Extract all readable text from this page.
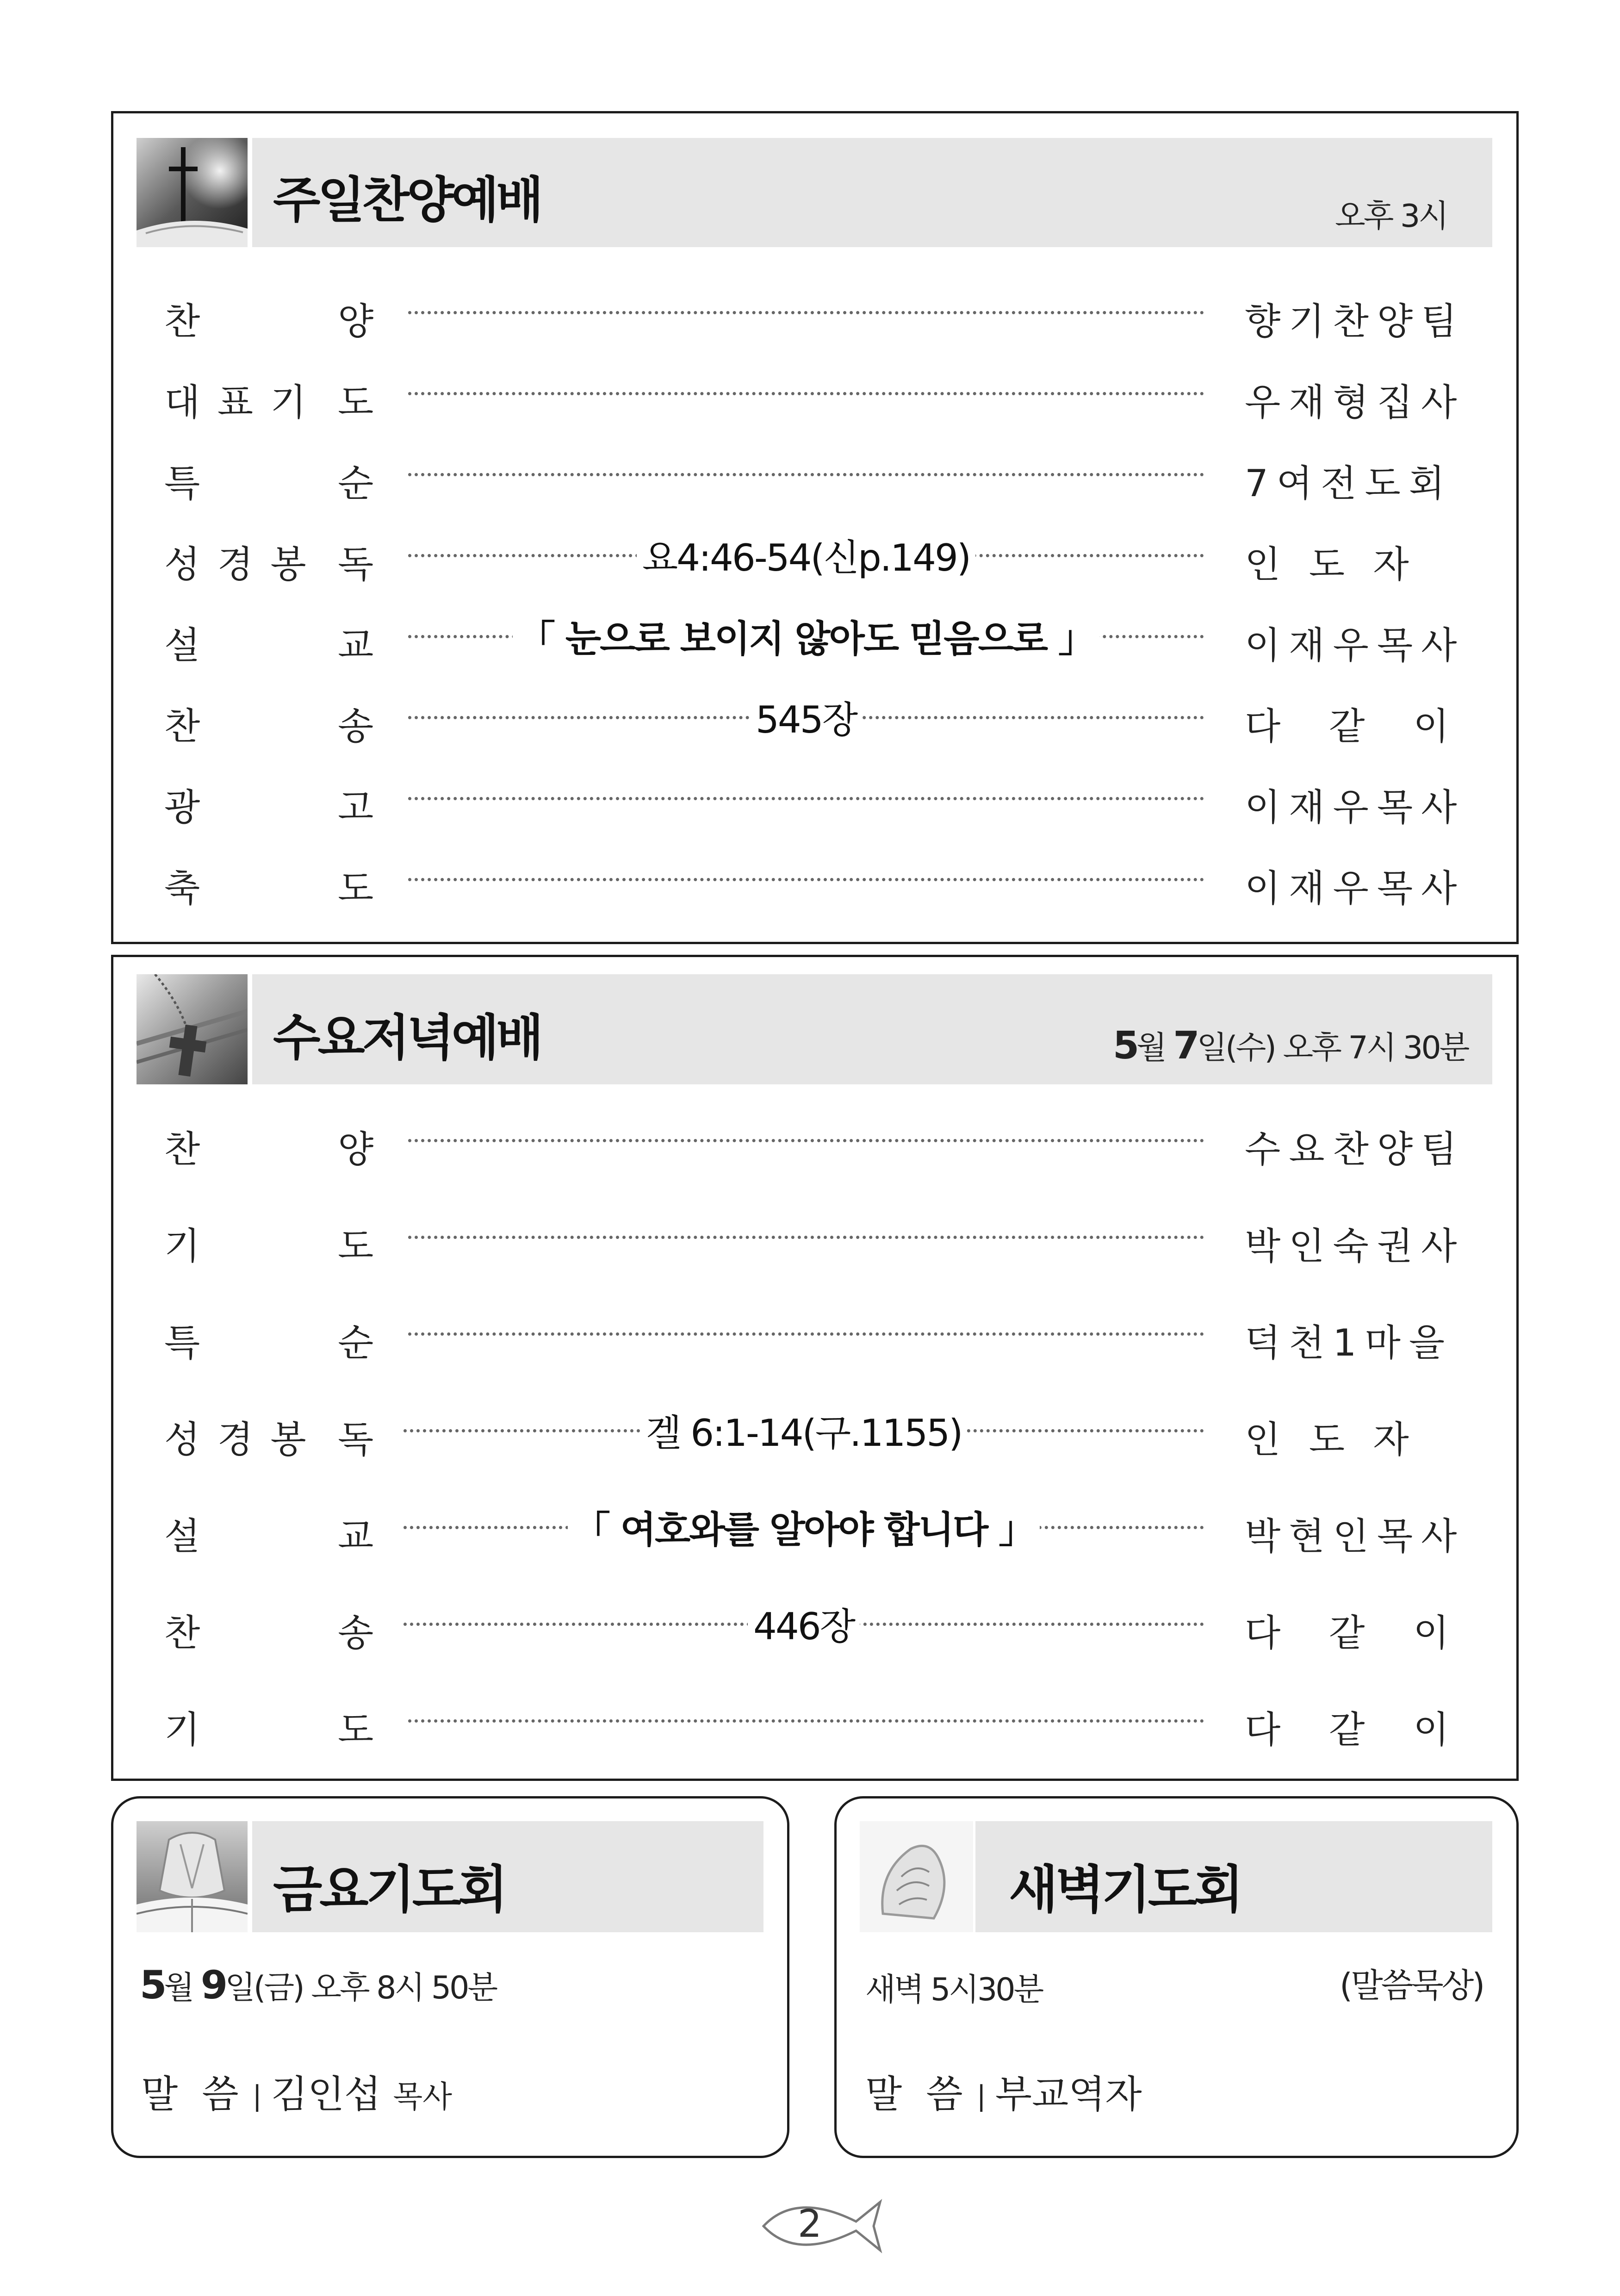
주일찬양예배	오후 3시
찬	양	향기찬양팀
대 표 기 도	우재형집사
특	순	7여전도회
성 경 봉 독	요4:46-54(신p.149)	인 도 자
설	교	「 눈으로 보이지 않아도 믿음으로 」	이재우목사
찬	송	545장	다  같  이
광	고	이재우목사
축	도	이재우목사
수요저녁예배	5월 7일(수) 오후 7시 30분
찬	양	수요찬양팀
기	도	박인숙권사
특	순	덕천1마을
성 경 봉 독	겔 6:1-14(구.1155)	인 도 자
설	교	「 여호와를 알아야 합니다 」	박현인목사
찬	송	446장	다  같  이
기	도	다  같  이
금요기도회
5월 9일(금) 오후 8시 50분
말  씀 | 김인섭 목사
새벽기도회
새벽 5시30분	(말씀묵상)
말  씀 | 부교역자
2
